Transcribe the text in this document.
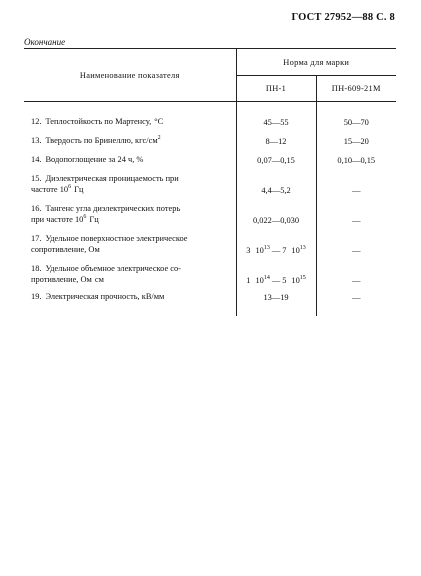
ГОСТ 27952—88 С. 8
Окончание
Наименование показателя	Норма для марки	
	ПН-1	ПН-609-21М
12. Теплостойкость по Мартенсу, °С	45—55	50—70
13. Твердость по Бринеллю, кгс/$см^2$	8—12	15—20
14. Водопоглощение за 24 ч, %	0,07—0,15	0,10—0,15
15. Диэлектрическая проницаемость при
частоте $10^6$ Гц	4,4—5,2	—
16. Тангенс угла диэлектрических потерь
при частоте $10^6$ Гц	0,022—0,030	—
17. Удельное поверхностное электрическое
сопротивление, Ом	3 $10^{13}$ — 7 $10^{13}$	—
18. Удельное объемное электрическое со-
противление, Ом см	1 $10^{14}$ — 5 $10^{15}$	—
19. Электрическая прочность, кВ/мм	13—19	—
